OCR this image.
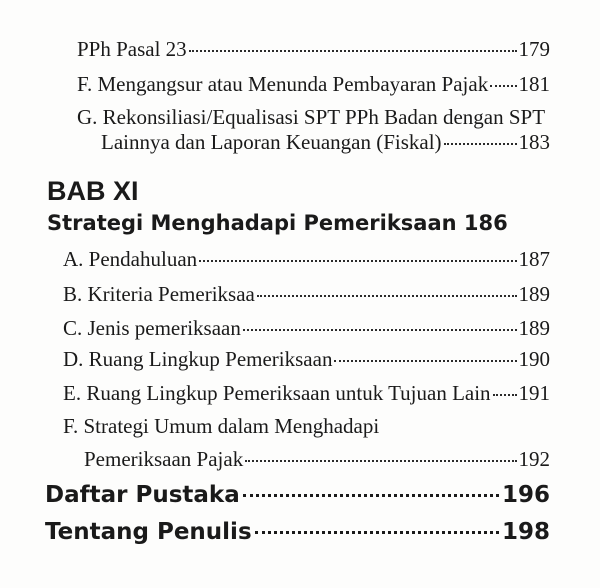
PPh Pasal 23	179
F. Mengangsur atau Menunda Pembayaran Pajak 181
G. Rekonsiliasi/Equalisasi SPT PPh Badan dengan SPT
Lainnya dan Laporan Keuangan (Fiskal)	183
BAB XI
Strategi Menghadapi Pemeriksaan 186
A. Pendahuluan	187
B. Kriteria Pemeriksaa	189
C. Jenis pemeriksaan	189
D. Ruang Lingkup Pemeriksaan	190
E. Ruang Lingkup Pemeriksaan untuk Tujuan Lain 191
F. Strategi Umum dalam Menghadapi
Pemeriksaan Pajak	192
Daftar Pustaka	196
Tentang Penulis	198
